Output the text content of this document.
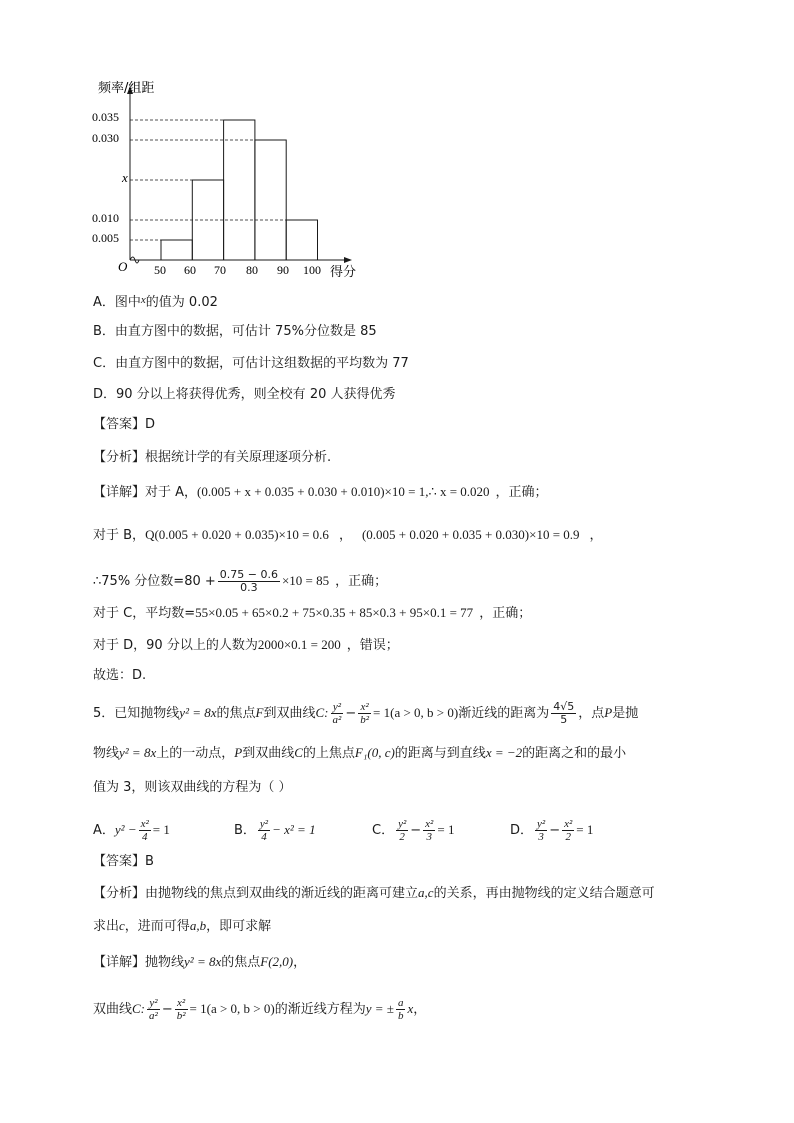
频率/组距
0.035
0.030
x
0.010
0.005
O 50 60 70 80 90 100 得分
A．图中$^x$的值为 0.02
B．由直方图中的数据，可估计 75%分位数是 85
C．由直方图中的数据，可估计这组数据的平均数为 77
D．90 分以上将获得优秀，则全校有 20 人获得优秀
【答案】D
【分析】根据统计学的有关原理逐项分析.
【详解】对于 A，(0.005 + x + 0.035 + 0.030 + 0.010)×10 = 1,∴ x = 0.020 ，正确；
对于 B，Q(0.005 + 0.020 + 0.035)×10 = 0.6 ， (0.005 + 0.020 + 0.035 + 0.030)×10 = 0.9 ，
∴75% 分位数$=80 + \frac{0.75 - 0.6}{0.3} \times 10 = 85$ ，正确；
对于 C，平均数=55×0.05 + 65×0.2 + 75×0.35 + 85×0.3 + 95×0.1 = 77 ，正确；
对于 D，90 分以上的人数为2000×0.1 = 200 ，错误；
故选：D.
5．已知抛物线y² = 8x的焦点F到双曲线C: $\frac{\text{y²}}{\text{a²}} - \frac{\text{x²}}{\text{b²}} = 1(a > 0$, b > 0)渐近线的距离为 $\frac{4√5}{5}$ ，点P是抛
物线y² = 8x上的一动点，P到双曲线C的上焦点F₁(0, c)的距离与到直线x = −2的距离之和的最小
值为 3，则该双曲线的方程为（ ）
A．$y^2 - \frac{\text{x²}}{4} = 1$	B． $\frac{\text{y²}}{4} - x^2 = 1$	C． $\frac{\text{y²}}{2} - \frac{\text{x²}}{3} = 1$	D． $\frac{\text{y²}}{3} - \frac{\text{x²}}{2} = 1$
【答案】B
【分析】由抛物线的焦点到双曲线的渐近线的距离可建立a,c的关系，再由抛物线的定义结合题意可
求出c，进而可得a,b，即可求解
【详解】抛物线y² = 8x的焦点F(2,0)，
双曲线C: $\frac{\text{y²}}{\text{a²}} - \frac{\text{x²}}{\text{b²}} = 1(a > 0$, b > 0)的渐近线方程为y = ± $\frac{a}{b}$ x，
